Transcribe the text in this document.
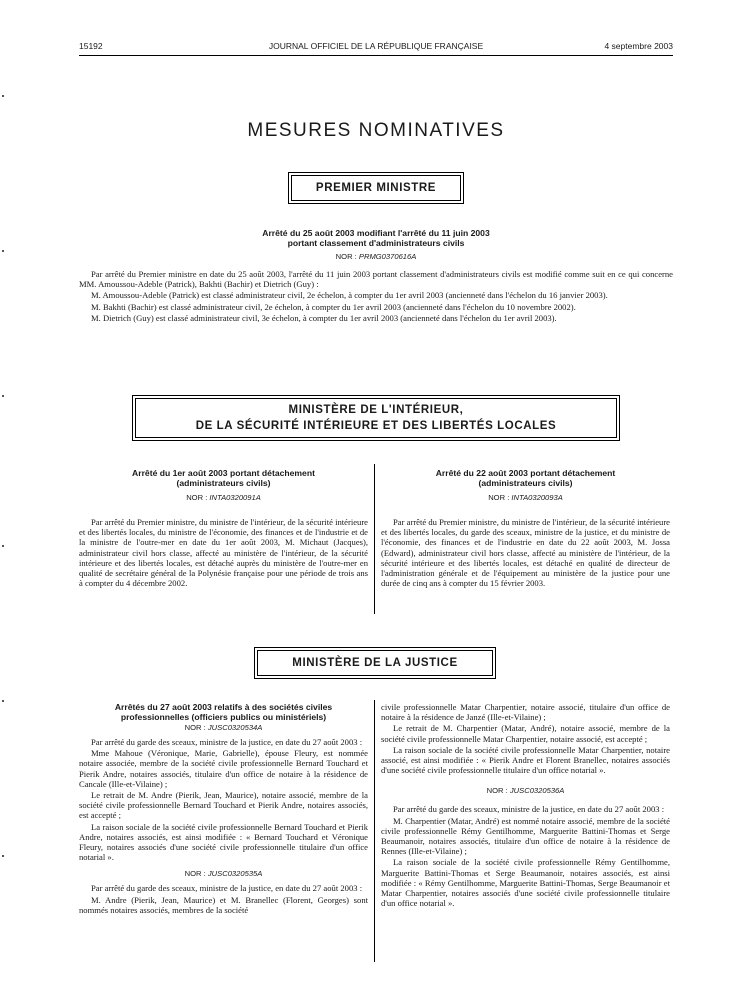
15192	JOURNAL OFFICIEL DE LA RÉPUBLIQUE FRANÇAISE	4 septembre 2003
MESURES NOMINATIVES
PREMIER MINISTRE
Arrêté du 25 août 2003 modifiant l'arrêté du 11 juin 2003
portant classement d'administrateurs civils
NOR : PRMG0370616A

Par arrêté du Premier ministre en date du 25 août 2003, l'arrêté du 11 juin 2003 portant classement d'administrateurs civils est modifié comme suit en ce qui concerne MM. Amoussou-Adeble (Patrick), Bakhti (Bachir) et Dietrich (Guy) :

M. Amoussou-Adeble (Patrick) est classé administrateur civil, 2e échelon, à compter du 1er avril 2003 (ancienneté dans l'échelon du 16 janvier 2003).

M. Bakhti (Bachir) est classé administrateur civil, 2e échelon, à compter du 1er avril 2003 (ancienneté dans l'échelon du 10 novembre 2002).

M. Dietrich (Guy) est classé administrateur civil, 3e échelon, à compter du 1er avril 2003 (ancienneté dans l'échelon du 1er avril 2003).

MINISTÈRE DE L'INTÉRIEUR,
DE LA SÉCURITÉ INTÉRIEURE ET DES LIBERTÉS LOCALES
Arrêté du 1er août 2003 portant détachement
(administrateurs civils)
NOR : INTA0320091A

Par arrêté du Premier ministre, du ministre de l'intérieur, de la sécurité intérieure et des libertés locales, du ministre de l'économie, des finances et de l'industrie et de la ministre de l'outre-mer en date du 1er août 2003, M. Michaut (Jacques), administrateur civil hors classe, affecté au ministère de l'intérieur, de la sécurité intérieure et des libertés locales, est détaché auprès du ministère de l'outre-mer en qualité de secrétaire général de la Polynésie française pour une période de trois ans à compter du 4 décembre 2002.

Arrêté du 22 août 2003 portant détachement
(administrateurs civils)
NOR : INTA0320093A

Par arrêté du Premier ministre, du ministre de l'intérieur, de la sécurité intérieure et des libertés locales, du garde des sceaux, ministre de la justice, et du ministre de l'économie, des finances et de l'industrie en date du 22 août 2003, M. Jossa (Edward), administrateur civil hors classe, affecté au ministère de l'intérieur, de la sécurité intérieure et des libertés locales, est détaché en qualité de directeur de l'administration générale et de l'équipement au ministère de la justice pour une durée de cinq ans à compter du 15 février 2003.

MINISTÈRE DE LA JUSTICE
Arrêtés du 27 août 2003 relatifs à des sociétés civiles
professionnelles (officiers publics ou ministériels)
NOR : JUSC0320534A

Par arrêté du garde des sceaux, ministre de la justice, en date du 27 août 2003 :

Mme Mahoue (Véronique, Marie, Gabrielle), épouse Fleury, est nommée notaire associée, membre de la société civile professionnelle Bernard Touchard et Pierik Andre, notaires associés, titulaire d'un office de notaire à la résidence de Cancale (Ille-et-Vilaine) ;

Le retrait de M. Andre (Pierik, Jean, Maurice), notaire associé, membre de la société civile professionnelle Bernard Touchard et Pierik Andre, notaires associés, est accepté ;

La raison sociale de la société civile professionnelle Bernard Touchard et Pierik Andre, notaires associés, est ainsi modifiée : « Bernard Touchard et Véronique Fleury, notaires associés d'une société civile professionnelle titulaire d'un office notarial ».

NOR : JUSC0320535A

Par arrêté du garde des sceaux, ministre de la justice, en date du 27 août 2003 :

M. Andre (Pierik, Jean, Maurice) et M. Branellec (Florent, Georges) sont nommés notaires associés, membres de la société

civile professionnelle Matar Charpentier, notaire associé, titulaire d'un office de notaire à la résidence de Janzé (Ille-et-Vilaine) ;

Le retrait de M. Charpentier (Matar, André), notaire associé, membre de la société civile professionnelle Matar Charpentier, notaire associé, est accepté ;

La raison sociale de la société civile professionnelle Matar Charpentier, notaire associé, est ainsi modifiée : « Pierik Andre et Florent Branellec, notaires associés d'une société civile professionnelle titulaire d'un office notarial ».

NOR : JUSC0320536A

Par arrêté du garde des sceaux, ministre de la justice, en date du 27 août 2003 :

M. Charpentier (Matar, André) est nommé notaire associé, membre de la société civile professionnelle Rémy Gentilhomme, Marguerite Battini-Thomas et Serge Beaumanoir, notaires associés, titulaire d'un office de notaire à la résidence de Rennes (Ille-et-Vilaine) ;

La raison sociale de la société civile professionnelle Rémy Gentilhomme, Marguerite Battini-Thomas et Serge Beaumanoir, notaires associés, est ainsi modifiée : « Rémy Gentilhomme, Marguerite Battini-Thomas, Serge Beaumanoir et Matar Charpentier, notaires associés d'une société civile professionnelle titulaire d'un office notarial ».
